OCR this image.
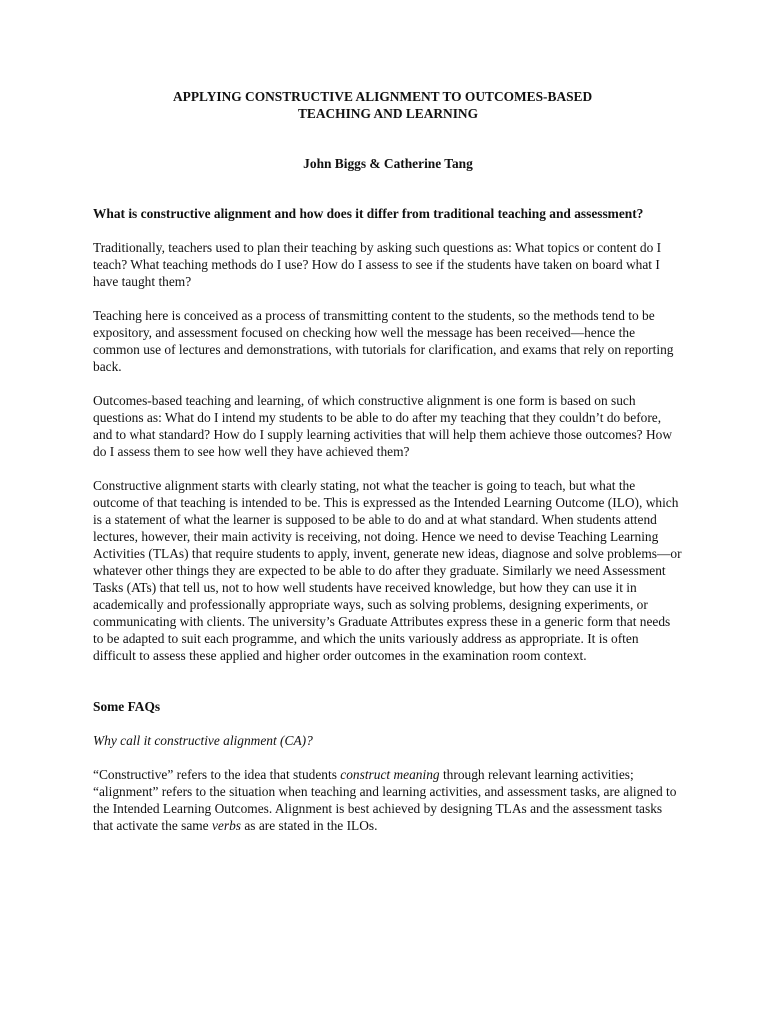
APPLYING CONSTRUCTIVE ALIGNMENT TO OUTCOMES-BASED
TEACHING AND LEARNING

John Biggs & Catherine Tang

What is constructive alignment and how does it differ from traditional teaching and assessment?

Traditionally, teachers used to plan their teaching by asking such questions as: What topics or content do I teach? What teaching methods do I use? How do I assess to see if the students have taken on board what I have taught them?

Teaching here is conceived as a process of transmitting content to the students, so the methods tend to be expository, and assessment focused on checking how well the message has been received—hence the common use of lectures and demonstrations, with tutorials for clarification, and exams that rely on reporting back.

Outcomes-based teaching and learning, of which constructive alignment is one form is based on such questions as: What do I intend my students to be able to do after my teaching that they couldn’t do before, and to what standard? How do I supply learning activities that will help them achieve those outcomes? How do I assess them to see how well they have achieved them?

Constructive alignment starts with clearly stating, not what the teacher is going to teach, but what the outcome of that teaching is intended to be. This is expressed as the Intended Learning Outcome (ILO), which is a statement of what the learner is supposed to be able to do and at what standard. When students attend lectures, however, their main activity is receiving, not doing. Hence we need to devise Teaching Learning Activities (TLAs) that require students to apply, invent, generate new ideas, diagnose and solve problems—or whatever other things they are expected to be able to do after they graduate. Similarly we need Assessment Tasks (ATs) that tell us, not to how well students have received knowledge, but how they can use it in academically and professionally appropriate ways, such as solving problems, designing experiments, or communicating with clients. The university’s Graduate Attributes express these in a generic form that needs to be adapted to suit each programme, and which the units variously address as appropriate. It is often difficult to assess these applied and higher order outcomes in the examination room context.

Some FAQs

Why call it constructive alignment (CA)?

“Constructive” refers to the idea that students construct meaning through relevant learning activities; “alignment” refers to the situation when teaching and learning activities, and assessment tasks, are aligned to the Intended Learning Outcomes. Alignment is best achieved by designing TLAs and the assessment tasks that activate the same verbs as are stated in the ILOs.
